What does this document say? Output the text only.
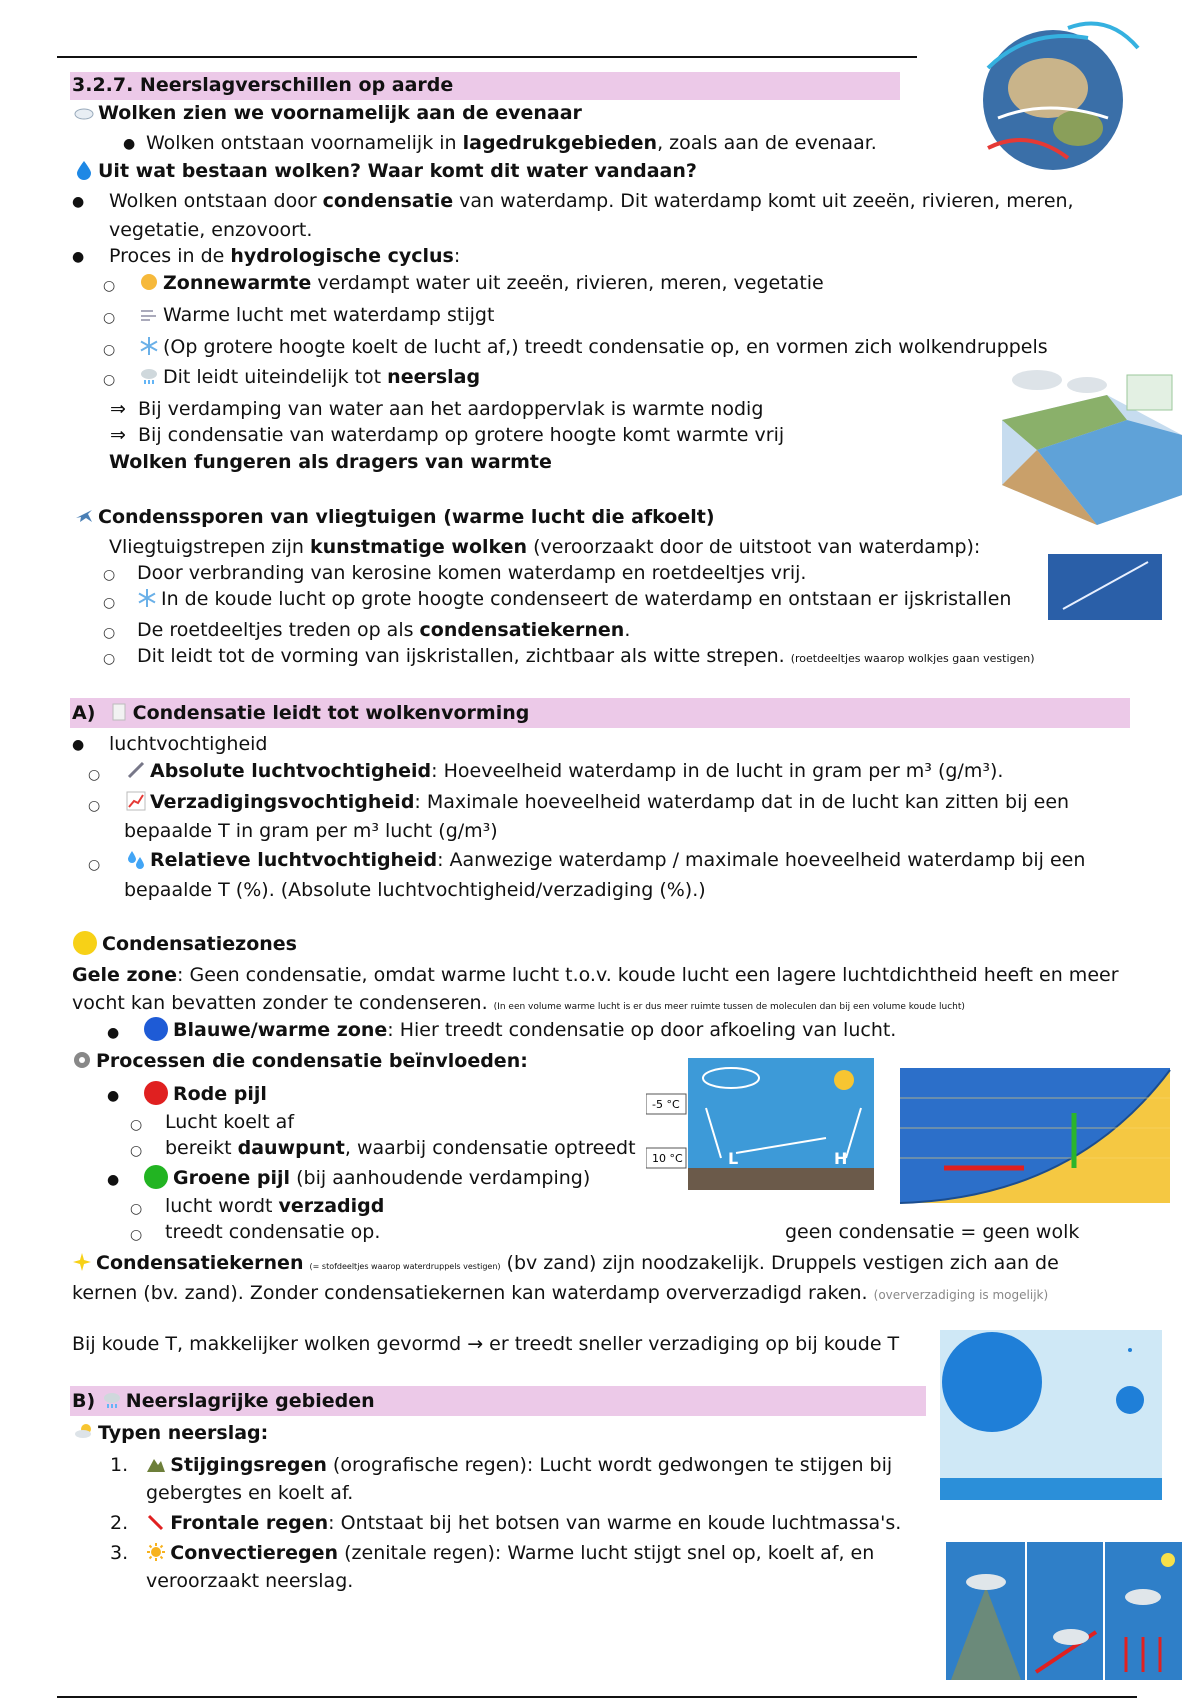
3.2.7. Neerslagverschillen op aarde
Wolken zien we voornamelijk aan de evenaar
● Wolken ontstaan voornamelijk in lagedrukgebieden, zoals aan de evenaar.
Uit wat bestaan wolken? Waar komt dit water vandaan?
● Wolken ontstaan door condensatie van waterdamp. Dit waterdamp komt uit zeeën, rivieren, meren,
vegetatie, enzovoort.
● Proces in de hydrologische cyclus:
○	Zonnewarmte verdampt water uit zeeën, rivieren, meren, vegetatie
○	Warme lucht met waterdamp stijgt
○	(Op grotere hoogte koelt de lucht af,) treedt condensatie op, en vormen zich wolkendruppels
○	Dit leidt uiteindelijk tot neerslag
⇒  Bij verdamping van water aan het aardoppervlak is warmte nodig
⇒  Bij condensatie van waterdamp op grotere hoogte komt warmte vrij
Wolken fungeren als dragers van warmte
Condenssporen van vliegtuigen (warme lucht die afkoelt)
Vliegtuigstrepen zijn kunstmatige wolken (veroorzaakt door de uitstoot van waterdamp):
○ Door verbranding van kerosine komen waterdamp en roetdeeltjes vrij.
○	In de koude lucht op grote hoogte condenseert de waterdamp en ontstaan er ijskristallen
○ De roetdeeltjes treden op als condensatiekernen.
○ Dit leidt tot de vorming van ijskristallen, zichtbaar als witte strepen. (roetdeeltjes waarop wolkjes gaan vestigen)
A) Condensatie leidt tot wolkenvorming
● luchtvochtigheid
○	Absolute luchtvochtigheid: Hoeveelheid waterdamp in de lucht in gram per m³ (g/m³).
○	Verzadigingsvochtigheid: Maximale hoeveelheid waterdamp dat in de lucht kan zitten bij een
bepaalde T in gram per m³ lucht (g/m³)
○	Relatieve luchtvochtigheid: Aanwezige waterdamp / maximale hoeveelheid waterdamp bij een
bepaalde T (%). (Absolute luchtvochtigheid/verzadiging (%).)
Condensatiezones
Gele zone: Geen condensatie, omdat warme lucht t.o.v. koude lucht een lagere luchtdichtheid heeft en meer
vocht kan bevatten zonder te condenseren. (In een volume warme lucht is er dus meer ruimte tussen de moleculen dan bij een volume koude lucht)
●	Blauwe/warme zone: Hier treedt condensatie op door afkoeling van lucht.
Processen die condensatie beïnvloeden:
●	Rode pijl
○ Lucht koelt af
○ bereikt dauwpunt, waarbij condensatie optreedt
●	Groene pijl (bij aanhoudende verdamping)
○ lucht wordt verzadigd
○ treedt condensatie op.	geen condensatie = geen wolk
-5 °C
10 °C	L	H
Condensatiekernen (= stofdeeltjes waarop waterdruppels vestigen) (bv zand) zijn noodzakelijk. Druppels vestigen zich aan de
kernen (bv. zand). Zonder condensatiekernen kan waterdamp oververzadigd raken. (oververzadiging is mogelijk)
Bij koude T, makkelijker wolken gevormd → er treedt sneller verzadiging op bij koude T
B) Neerslagrijke gebieden
Typen neerslag:
1. Stijgingsregen (orografische regen): Lucht wordt gedwongen te stijgen bij
gebergtes en koelt af.
2. Frontale regen: Ontstaat bij het botsen van warme en koude luchtmassa's.
3. Convectieregen (zenitale regen): Warme lucht stijgt snel op, koelt af, en
veroorzaakt neerslag.
